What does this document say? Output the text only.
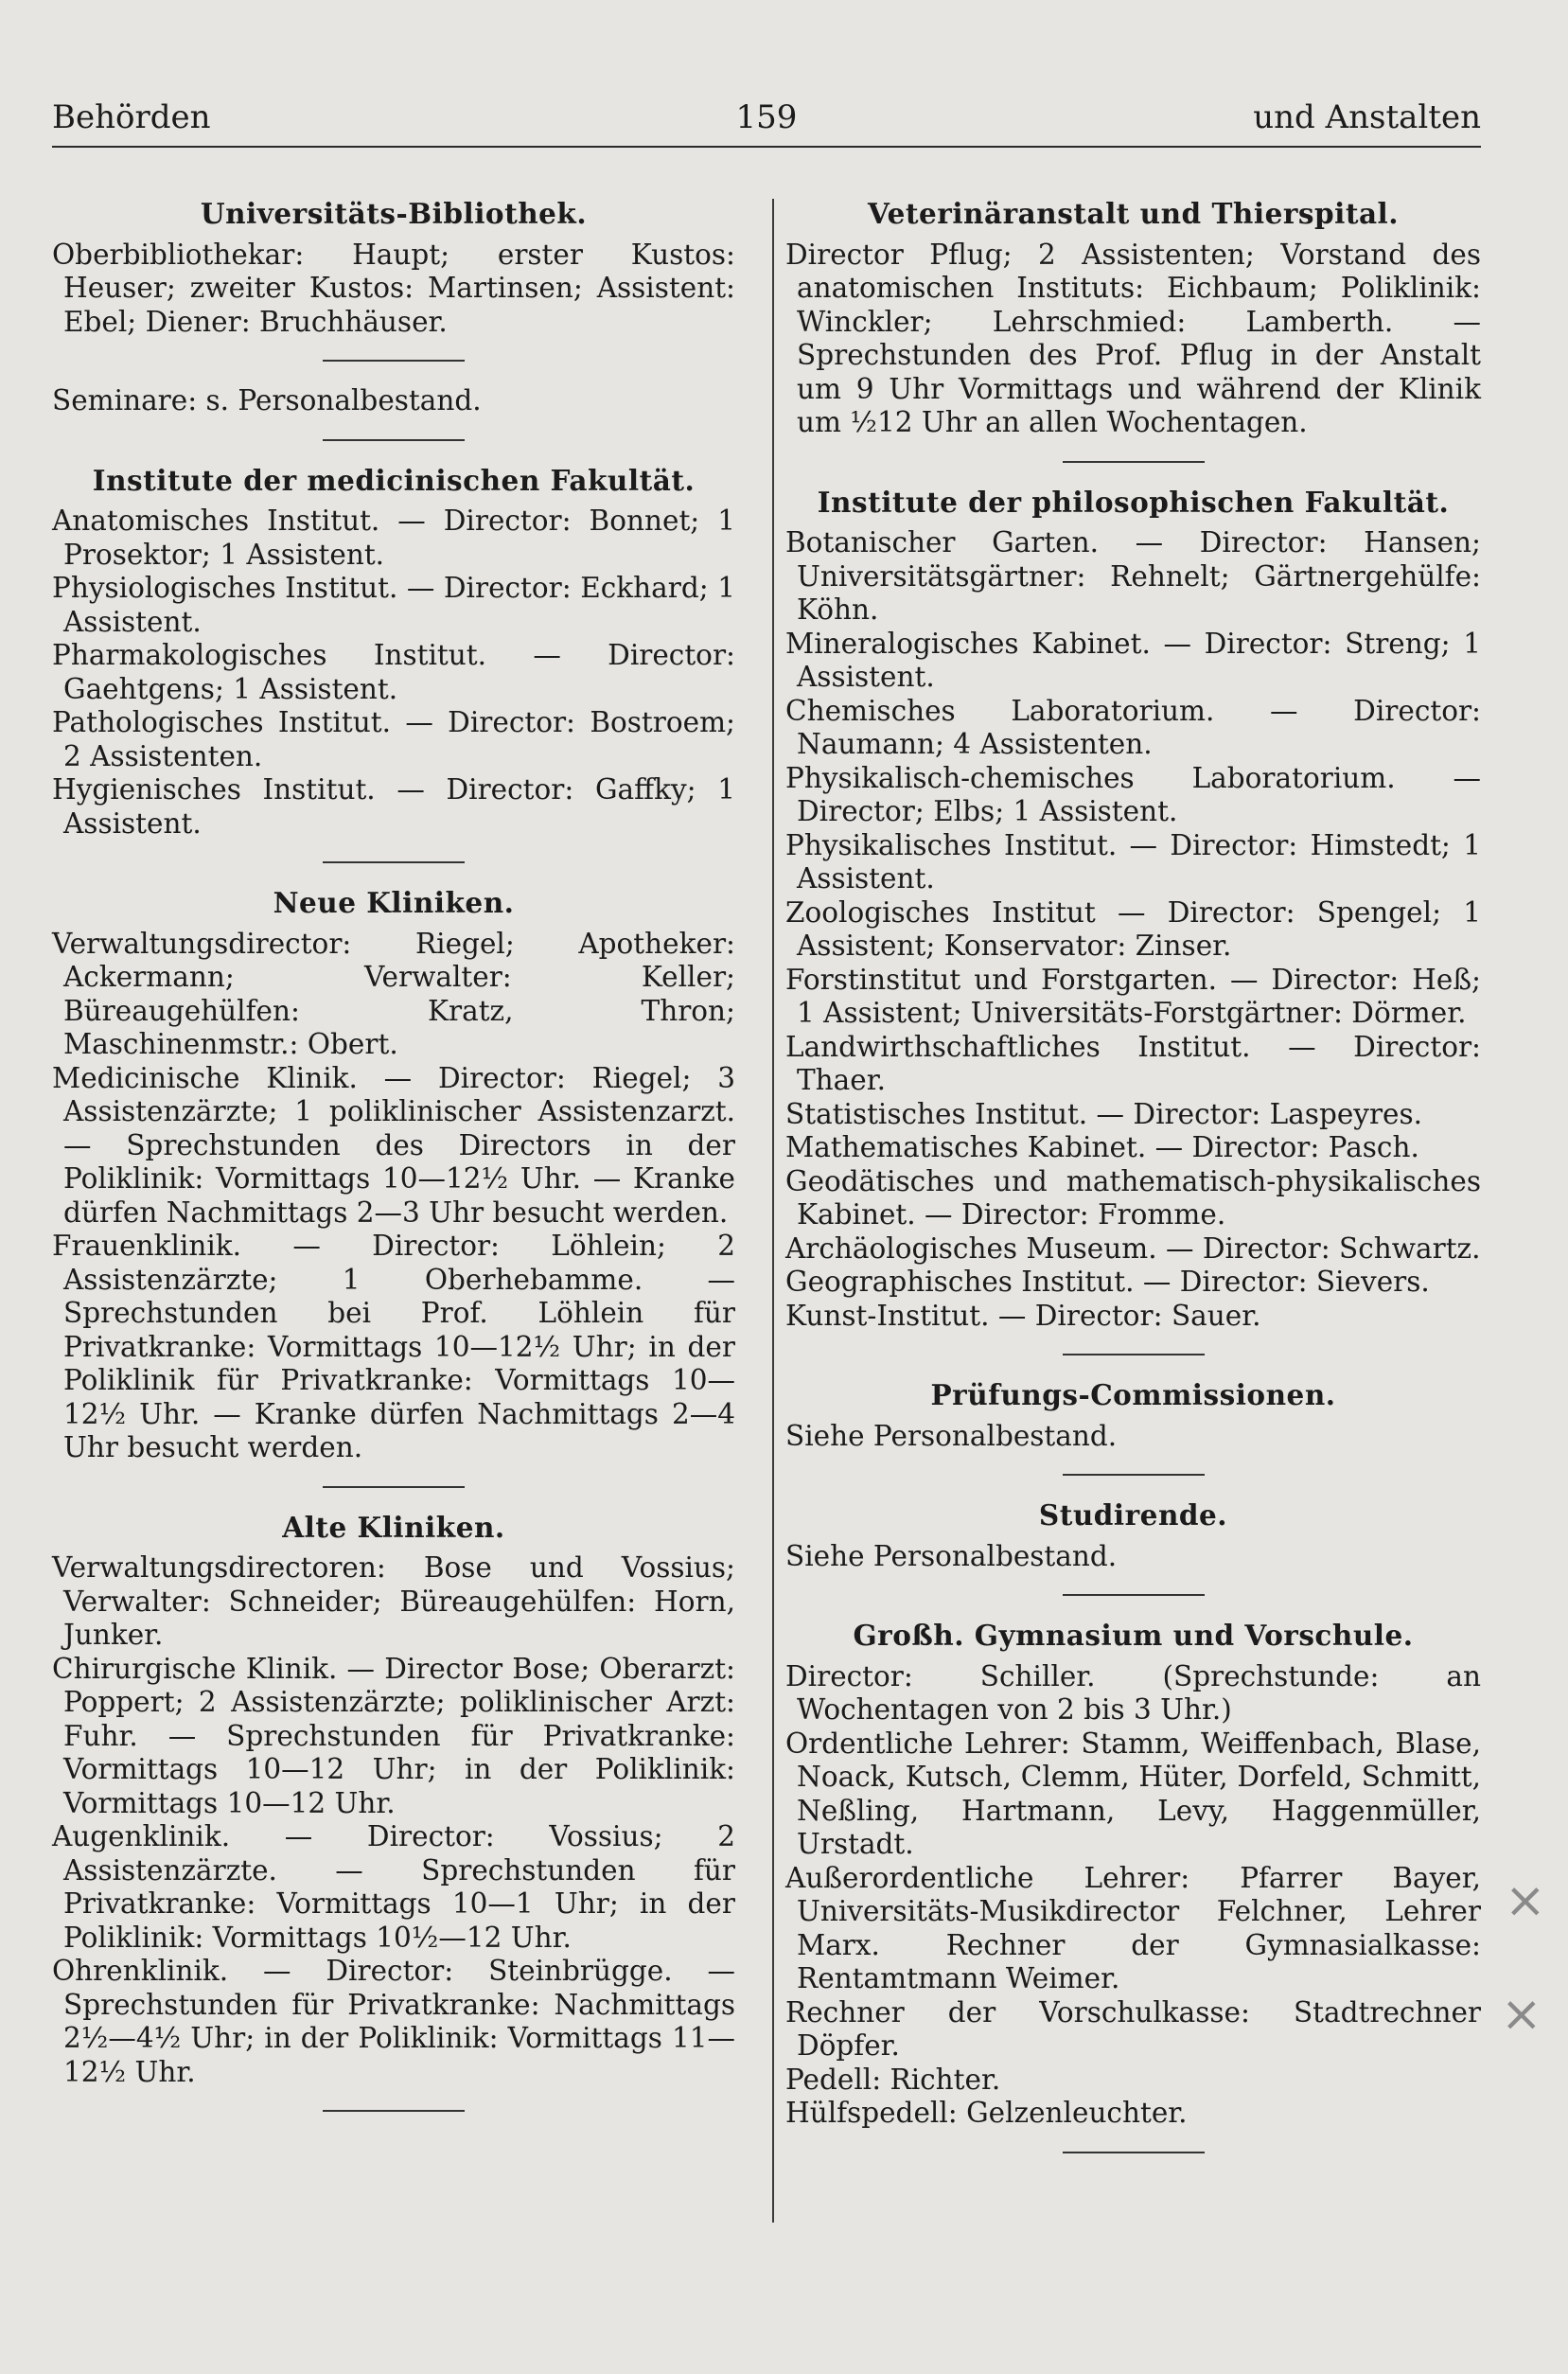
Behörden	159	und Anstalten
Universitäts-Bibliothek.
Oberbibliothekar: Haupt; erster Kustos: Heuser; zweiter Kustos: Martinsen; Assistent: Ebel; Diener: Bruchhäuser.
Seminare: s. Personalbestand.
Institute der medicinischen Fakultät.
Anatomisches Institut. — Director: Bonnet; 1 Prosektor; 1 Assistent.
Physiologisches Institut. — Director: Eckhard; 1 Assistent.
Pharmakologisches Institut. — Director: Gaehtgens; 1 Assistent.
Pathologisches Institut. — Director: Bostroem; 2 Assistenten.
Hygienisches Institut. — Director: Gaffky; 1 Assistent.
Neue Kliniken.
Verwaltungsdirector: Riegel; Apotheker: Ackermann; Verwalter: Keller; Büreaugehülfen: Kratz, Thron; Maschinenmstr.: Obert.
Medicinische Klinik. — Director: Riegel; 3 Assistenzärzte; 1 poliklinischer Assistenzarzt. — Sprechstunden des Directors in der Poliklinik: Vormittags 10—12½ Uhr. — Kranke dürfen Nachmittags 2—3 Uhr besucht werden.
Frauenklinik. — Director: Löhlein; 2 Assistenzärzte; 1 Oberhebamme. — Sprechstunden bei Prof. Löhlein für Privatkranke: Vormittags 10—12½ Uhr; in der Poliklinik für Privatkranke: Vormittags 10—12½ Uhr. — Kranke dürfen Nachmittags 2—4 Uhr besucht werden.
Alte Kliniken.
Verwaltungsdirectoren: Bose und Vossius; Verwalter: Schneider; Büreaugehülfen: Horn, Junker.
Chirurgische Klinik. — Director Bose; Oberarzt: Poppert; 2 Assistenzärzte; poliklinischer Arzt: Fuhr. — Sprechstunden für Privatkranke: Vormittags 10—12 Uhr; in der Poliklinik: Vormittags 10—12 Uhr.
Augenklinik. — Director: Vossius; 2 Assistenzärzte. — Sprechstunden für Privatkranke: Vormittags 10—1 Uhr; in der Poliklinik: Vormittags 10½—12 Uhr.
Ohrenklinik. — Director: Steinbrügge. — Sprechstunden für Privatkranke: Nachmittags 2½—4½ Uhr; in der Poliklinik: Vormittags 11—12½ Uhr.
Veterinäranstalt und Thierspital.
Director Pflug; 2 Assistenten; Vorstand des anatomischen Instituts: Eichbaum; Poliklinik: Winckler; Lehrschmied: Lamberth. — Sprechstunden des Prof. Pflug in der Anstalt um 9 Uhr Vormittags und während der Klinik um ½12 Uhr an allen Wochentagen.
Institute der philosophischen Fakultät.
Botanischer Garten. — Director: Hansen; Universitätsgärtner: Rehnelt; Gärtnergehülfe: Köhn.
Mineralogisches Kabinet. — Director: Streng; 1 Assistent.
Chemisches Laboratorium. — Director: Naumann; 4 Assistenten.
Physikalisch-chemisches Laboratorium. — Director; Elbs; 1 Assistent.
Physikalisches Institut. — Director: Himstedt; 1 Assistent.
Zoologisches Institut — Director: Spengel; 1 Assistent; Konservator: Zinser.
Forstinstitut und Forstgarten. — Director: Heß; 1 Assistent; Universitäts-Forstgärtner: Dörmer.
Landwirthschaftliches Institut. — Director: Thaer.
Statistisches Institut. — Director: Laspeyres.
Mathematisches Kabinet. — Director: Pasch.
Geodätisches und mathematisch-physikalisches Kabinet. — Director: Fromme.
Archäologisches Museum. — Director: Schwartz.
Geographisches Institut. — Director: Sievers.
Kunst-Institut. — Director: Sauer.
Prüfungs-Commissionen.
Siehe Personalbestand.
Studirende.
Siehe Personalbestand.
Großh. Gymnasium und Vorschule.
Director: Schiller. (Sprechstunde: an Wochentagen von 2 bis 3 Uhr.)
Ordentliche Lehrer: Stamm, Weiffenbach, Blase, Noack, Kutsch, Clemm, Hüter, Dorfeld, Schmitt, Neßling, Hartmann, Levy, Haggenmüller, Urstadt.
Außerordentliche Lehrer: Pfarrer Bayer, Universitäts-Musikdirector Felchner, Lehrer Marx. Rechner der Gymnasialkasse: Rentamtmann Weimer.
Rechner der Vorschulkasse: Stadtrechner Döpfer.
Pedell: Richter.
Hülfspedell: Gelzenleuchter.
×
×
